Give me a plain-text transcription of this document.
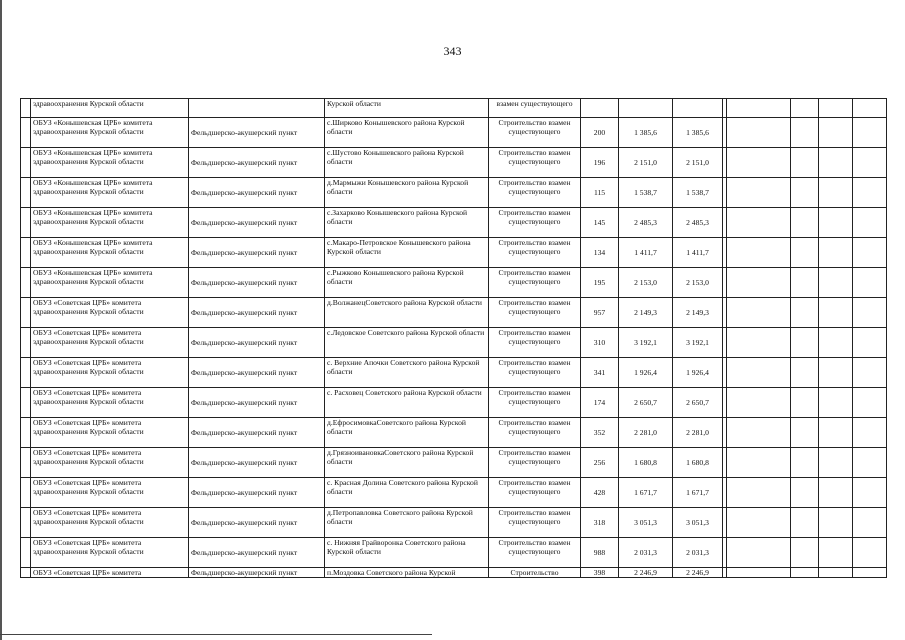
343
	здравоохранения Курской области		Курской области	взамен существующего								

	ОБУЗ «Конышевская ЦРБ» комитета
здравоохранения Курской области	Фельдшерско-акушерский пункт	с.Ширково Конышевского района Курской области	Строительство взамен существующего	200	1 385,6	1 385,6					

	ОБУЗ «Конышевская ЦРБ» комитета
здравоохранения Курской области	Фельдшерско-акушерский пункт	с.Шустово Конышевского района Курской области	Строительство взамен существующего	196	2 151,0	2 151,0					

	ОБУЗ «Конышевская ЦРБ» комитета
здравоохранения Курской области	Фельдшерско-акушерский пункт	д.Мармыжи Конышевского района Курской области	Строительство взамен существующего	115	1 538,7	1 538,7					

	ОБУЗ «Конышевская ЦРБ» комитета
здравоохранения Курской области	Фельдшерско-акушерский пункт	с.Захарково Конышевского района Курской области	Строительство взамен существующего	145	2 485,3	2 485,3					

	ОБУЗ «Конышевская ЦРБ» комитета
здравоохранения Курской области	Фельдшерско-акушерский пункт	с.Макаро-Петровское Конышевского района Курской области	Строительство взамен существующего	134	1 411,7	1 411,7					

	ОБУЗ «Конышевская ЦРБ» комитета
здравоохранения Курской области	Фельдшерско-акушерский пункт	с.Рыжково Конышевского района Курской области	Строительство взамен существующего	195	2 153,0	2 153,0					

	ОБУЗ «Советская ЦРБ» комитета
здравоохранения Курской области	Фельдшерско-акушерский пункт	д.ВолжанецСоветского района Курской области	Строительство взамен существующего	957	2 149,3	2 149,3					

	ОБУЗ «Советская ЦРБ» комитета
здравоохранения Курской области	Фельдшерско-акушерский пункт	с.Ледовское Советского района Курской области	Строительство взамен существующего	310	3 192,1	3 192,1					

	ОБУЗ «Советская ЦРБ» комитета
здравоохранения Курской области	Фельдшерско-акушерский пункт	с. Верхние Апочки Советского района Курской области	Строительство взамен существующего	341	1 926,4	1 926,4					

	ОБУЗ «Советская ЦРБ» комитета
здравоохранения Курской области	Фельдшерско-акушерский пункт	с. Расховец Советского района Курской области	Строительство взамен существующего	174	2 650,7	2 650,7					

	ОБУЗ «Советская ЦРБ» комитета
здравоохранения Курской области	Фельдшерско-акушерский пункт	д.ЕфросимовкаСоветского района Курской области	Строительство взамен существующего	352	2 281,0	2 281,0					

	ОБУЗ «Советская ЦРБ» комитета
здравоохранения Курской области	Фельдшерско-акушерский пункт	д.ГрязноивановкаСоветского района Курской области	Строительство взамен существующего	256	1 680,8	1 680,8					

	ОБУЗ «Советская ЦРБ» комитета
здравоохранения Курской области	Фельдшерско-акушерский пункт	с. Красная Долина Советского района Курской области	Строительство взамен существующего	428	1 671,7	1 671,7					

	ОБУЗ «Советская ЦРБ» комитета
здравоохранения Курской области	Фельдшерско-акушерский пункт	д.Петропавловка Советского района Курской области	Строительство взамен существующего	318	3 051,3	3 051,3					

	ОБУЗ «Советская ЦРБ» комитета
здравоохранения Курской области	Фельдшерско-акушерский пункт	с. Нижняя Грайворонка Советского района Курской области	Строительство взамен существующего	988	2 031,3	2 031,3					
	ОБУЗ «Советская ЦРБ» комитета	Фельдшерско-акушерский пункт	п.Моздовка Советского района Курской	Строительство	398	2 246,9	2 246,9					
